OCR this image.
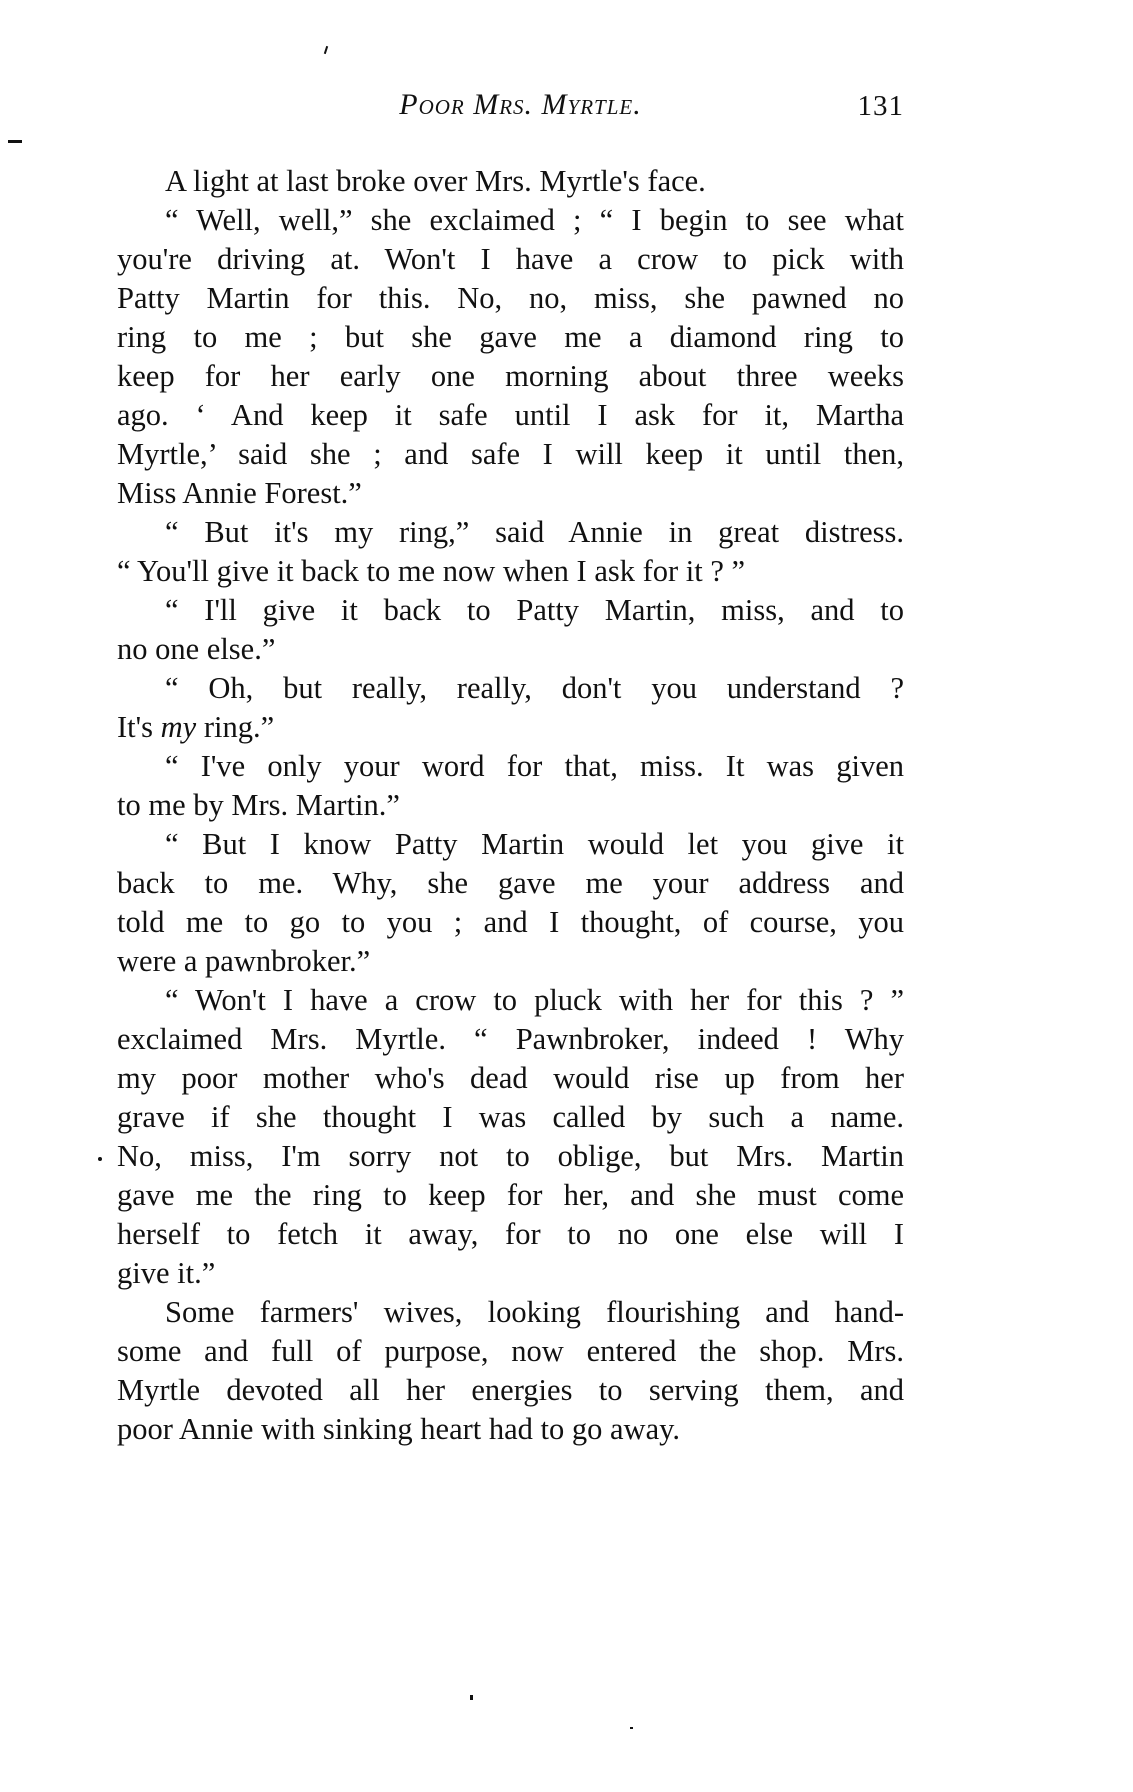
Poor Mrs. Myrtle.	131
A light at last broke over Mrs. Myrtle's face.
“ Well, well,” she exclaimed ; “ I begin to see what
you're driving at. Won't I have a crow to pick with
Patty Martin for this. No, no, miss, she pawned no
ring to me ; but she gave me a diamond ring to
keep for her early one morning about three weeks
ago. ‘ And keep it safe until I ask for it, Martha
Myrtle,’ said she ; and safe I will keep it until then,
Miss Annie Forest.”
“ But it's my ring,” said Annie in great distress.
“ You'll give it back to me now when I ask for it ? ”
“ I'll give it back to Patty Martin, miss, and to
no one else.”
“ Oh, but really, really, don't you understand ?
It's my ring.”
“ I've only your word for that, miss. It was given
to me by Mrs. Martin.”
“ But I know Patty Martin would let you give it
back to me. Why, she gave me your address and
told me to go to you ; and I thought, of course, you
were a pawnbroker.”
“ Won't I have a crow to pluck with her for this ? ”
exclaimed Mrs. Myrtle. “ Pawnbroker, indeed ! Why
my poor mother who's dead would rise up from her
grave if she thought I was called by such a name.
No, miss, I'm sorry not to oblige, but Mrs. Martin
gave me the ring to keep for her, and she must come
herself to fetch it away, for to no one else will I
give it.”
Some farmers' wives, looking flourishing and hand-
some and full of purpose, now entered the shop. Mrs.
Myrtle devoted all her energies to serving them, and
poor Annie with sinking heart had to go away.
